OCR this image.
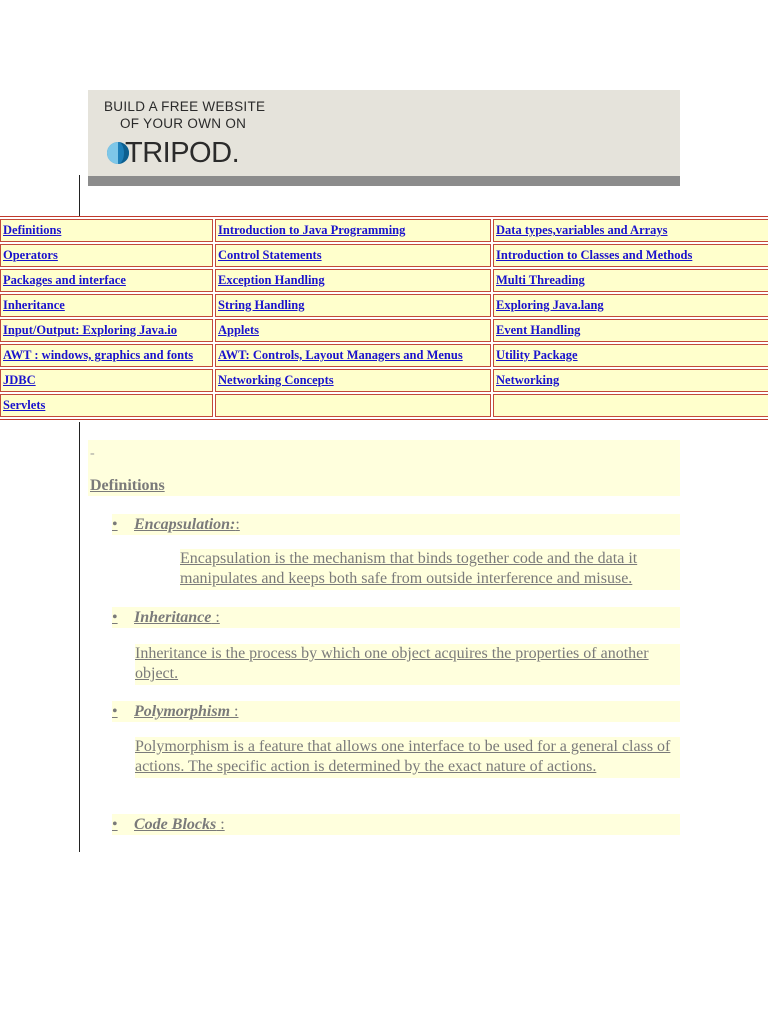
BUILD A FREE WEBSITE
OF YOUR OWN ON
TRIPOD.
Definitions	Introduction to Java Programming	Data types,variables and Arrays
Operators	Control Statements	Introduction to Classes and Methods
Packages and interface	Exception Handling	Multi Threading
Inheritance	String Handling	Exploring Java.lang
Input/Output: Exploring Java.io	Applets	Event Handling
AWT : windows, graphics and fonts	AWT: Controls, Layout Managers and Menus	Utility Package
JDBC	Networking Concepts	Networking
Servlets		
-
Definitions
• Encapsulation::
Encapsulation is the mechanism that binds together code and the data it manipulates and keeps both safe from outside interference and misuse.
• Inheritance :
Inheritance is the process by which one object acquires the properties of another object.
• Polymorphism :
Polymorphism is a feature that allows one interface to be used for a general class of actions. The specific action is determined by the exact nature of actions.
• Code Blocks :
